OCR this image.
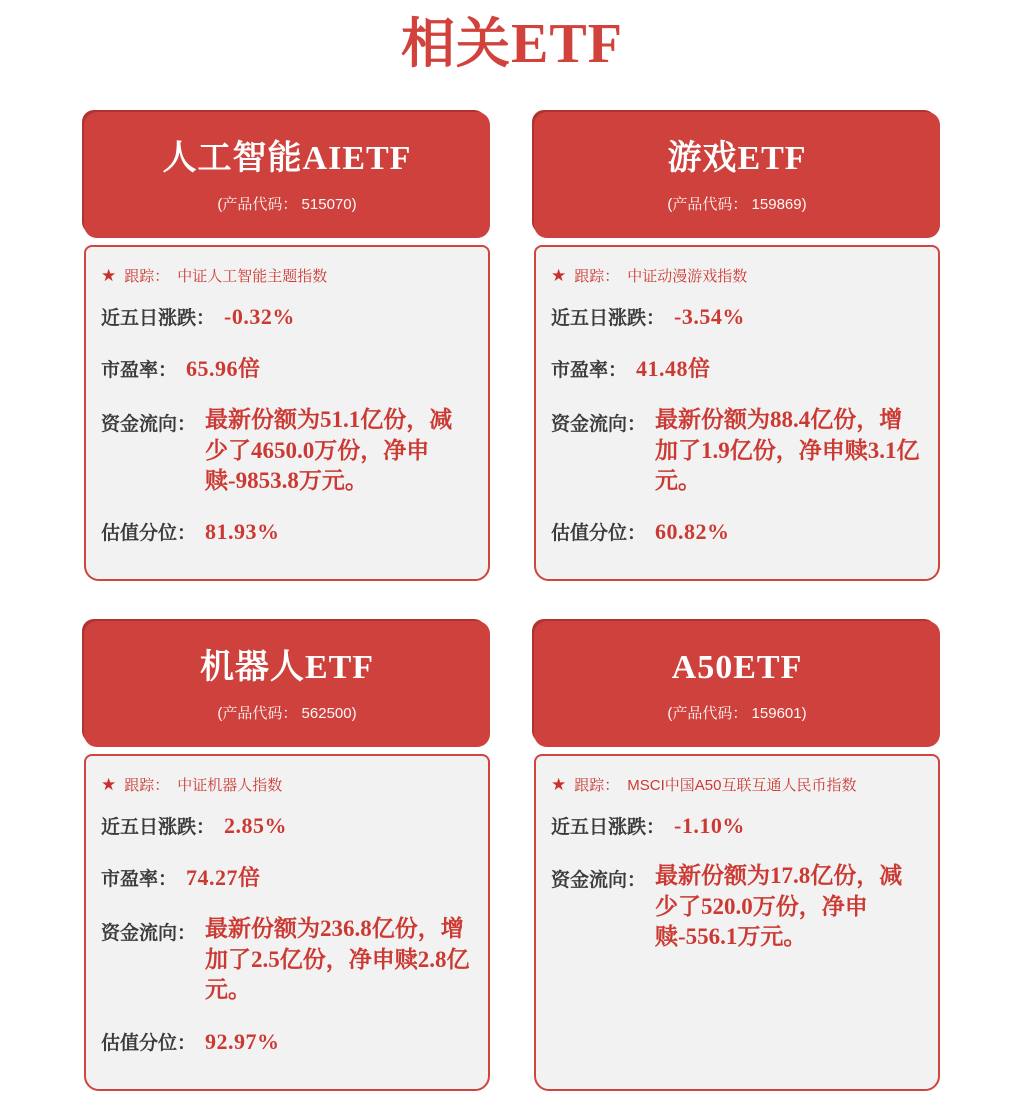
相关ETF
人工智能AIETF
(产品代码： 515070)
★ 跟踪： 中证人工智能主题指数
近五日涨跌： -0.32%
市盈率： 65.96倍
资金流向： 最新份额为51.1亿份，减少了4650.0万份，净申赎-9853.8万元。
估值分位： 81.93%
游戏ETF
(产品代码： 159869)
★ 跟踪： 中证动漫游戏指数
近五日涨跌： -3.54%
市盈率： 41.48倍
资金流向： 最新份额为88.4亿份，增加了1.9亿份，净申赎3.1亿元。
估值分位： 60.82%
机器人ETF
(产品代码： 562500)
★ 跟踪： 中证机器人指数
近五日涨跌： 2.85%
市盈率： 74.27倍
资金流向： 最新份额为236.8亿份，增加了2.5亿份，净申赎2.8亿元。
估值分位： 92.97%
A50ETF
(产品代码： 159601)
★ 跟踪： MSCI中国A50互联互通人民币指数
近五日涨跌： -1.10%
资金流向： 最新份额为17.8亿份，减少了520.0万份，净申赎-556.1万元。
